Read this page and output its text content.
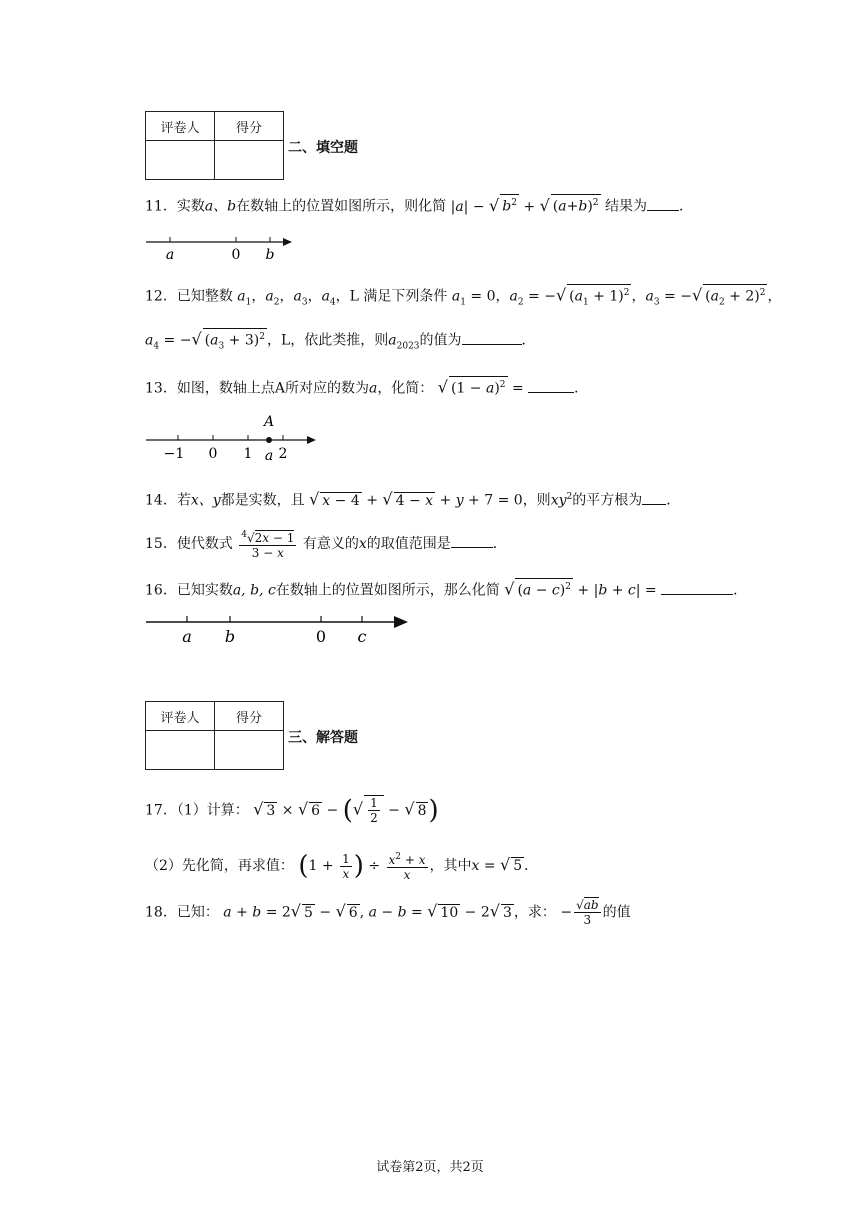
评卷人	得分

二、填空题
11．实数a、b在数轴上的位置如图所示，则化简 |a| − √ $b^2$ + √ $(a+b)^2$ 结果为 ．
a	0 b
12．已知整数 $a_1$，$a_2$，$a_3$，$a_4$，L 满足下列条件 $a_1 = 0$，$a_2$ = −√ $(a_1 + 1)^2$ ，$a_3$ = −√ $(a_2 + 2)^2$ ，
$a_4$ = −√ $(a_3 + 3)^2$ ，L，依此类推，则$a_{2023}$的值为	．
13．如图，数轴上点A所对应的数为a，化简： √ $(1 - a)^2$ =	．
A
−1 0 1 a 2
14．若x、y都是实数，且 √ x − 4 + √ 4 − x + y + 7 = 0，则$xy^2$的平方根为 ．
15．使代数式 $\frac{^4√2x - 1}{3 - x}$ 有意义的x的取值范围是	．
16．已知实数a, b, c在数轴上的位置如图所示，那么化简 √ $(a - c)^2 + |b + c|$ =	．
a b	0 c
评卷人	得分

三、解答题
17．（1）计算： √ 3 × √ 6 − (√ $\frac{1}{2}$ − √ 8)
（2）先化简，再求值： ($1 + \frac{1}{x}$ ) ÷ $\frac{x^2 + x}{x}$ ，其中x = √ 5 ．
18．已知： a + b = 2√ 5 − √ 6 , a − b = √ 10 − 2√ 3 ，求： − $\frac{√ab}{3}$ 的值
试卷第2页，共2页
